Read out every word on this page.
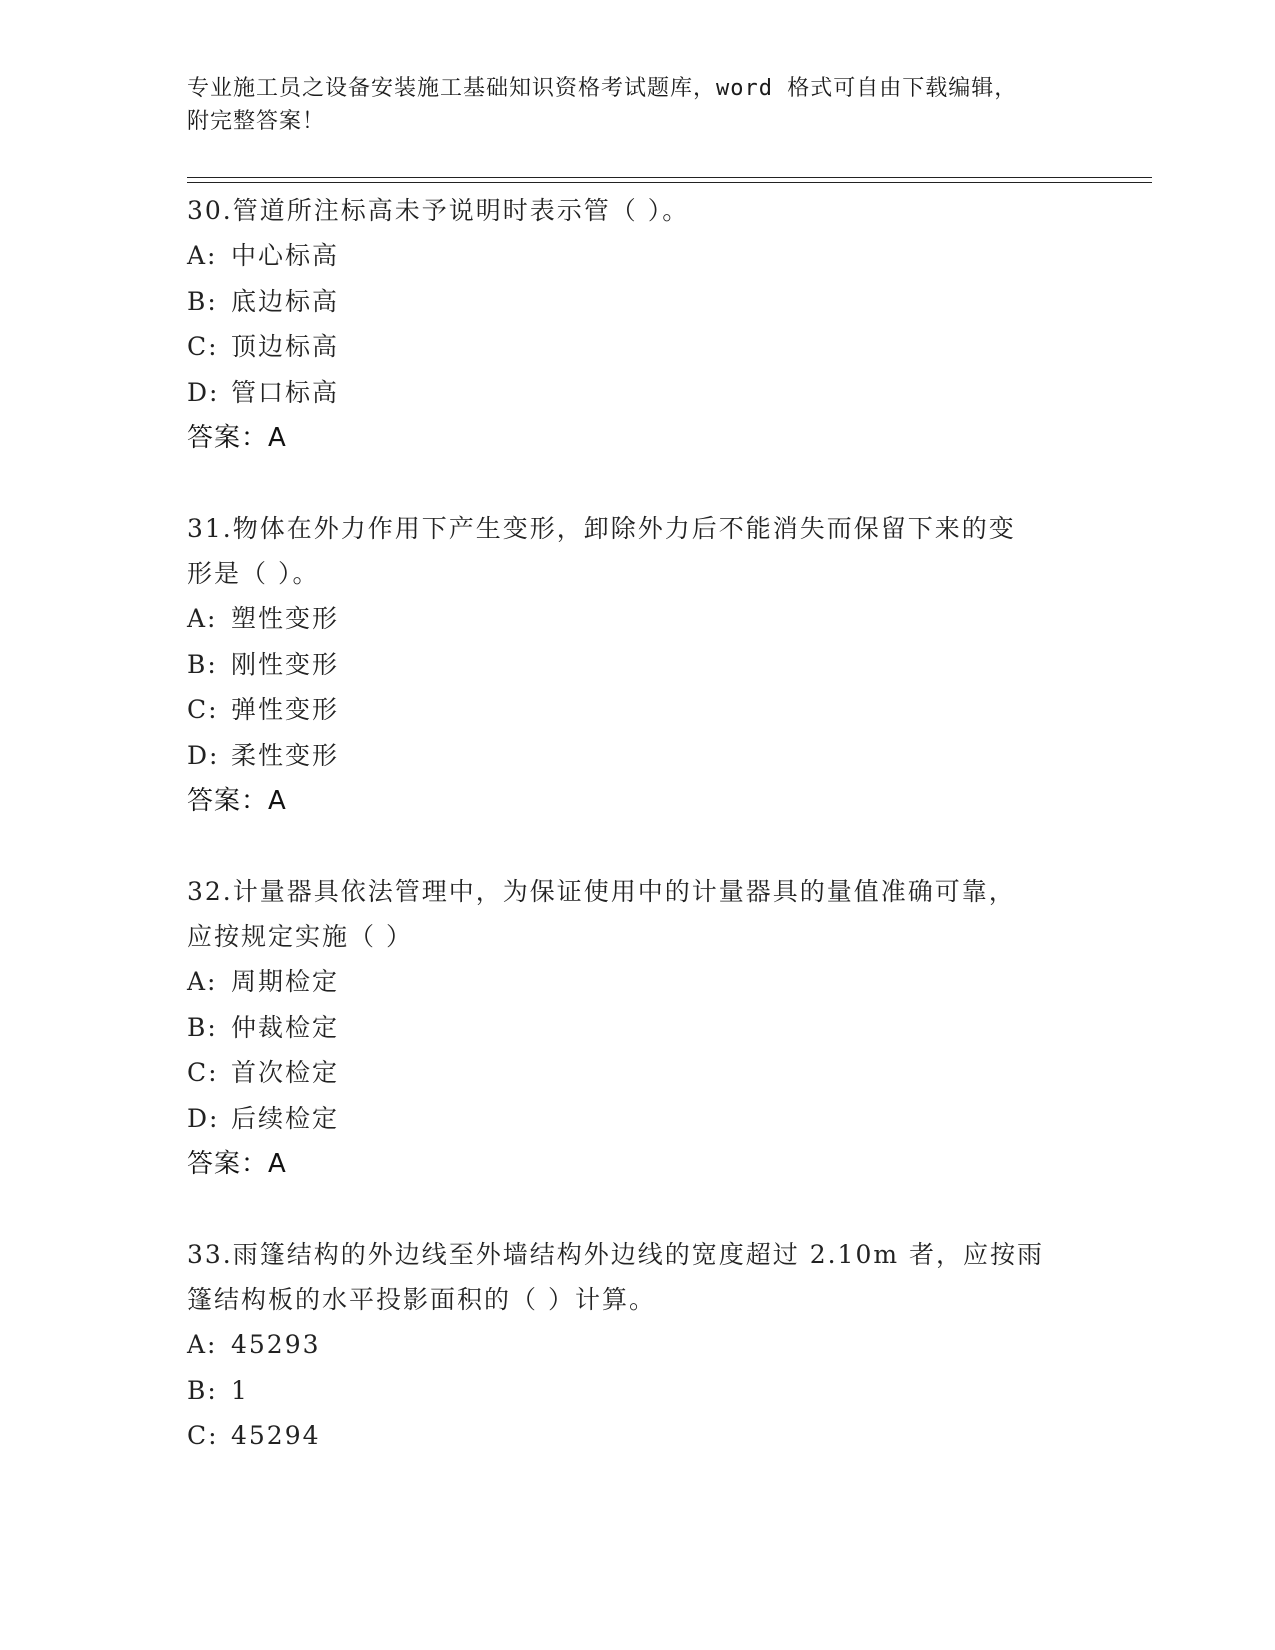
专业施工员之设备安装施工基础知识资格考试题库，word 格式可自由下载编辑，
附完整答案！
30.管道所注标高未予说明时表示管（ ）。
A: 中心标高
B: 底边标高
C: 顶边标高
D: 管口标高
答案：A
31.物体在外力作用下产生变形，卸除外力后不能消失而保留下来的变
形是（ ）。
A: 塑性变形
B: 刚性变形
C: 弹性变形
D: 柔性变形
答案：A
32.计量器具依法管理中，为保证使用中的计量器具的量值准确可靠，
应按规定实施（ ）
A: 周期检定
B: 仲裁检定
C: 首次检定
D: 后续检定
答案：A
33.雨篷结构的外边线至外墙结构外边线的宽度超过 2.10m 者，应按雨
篷结构板的水平投影面积的（ ）计算。
A: 45293
B: 1
C: 45294
